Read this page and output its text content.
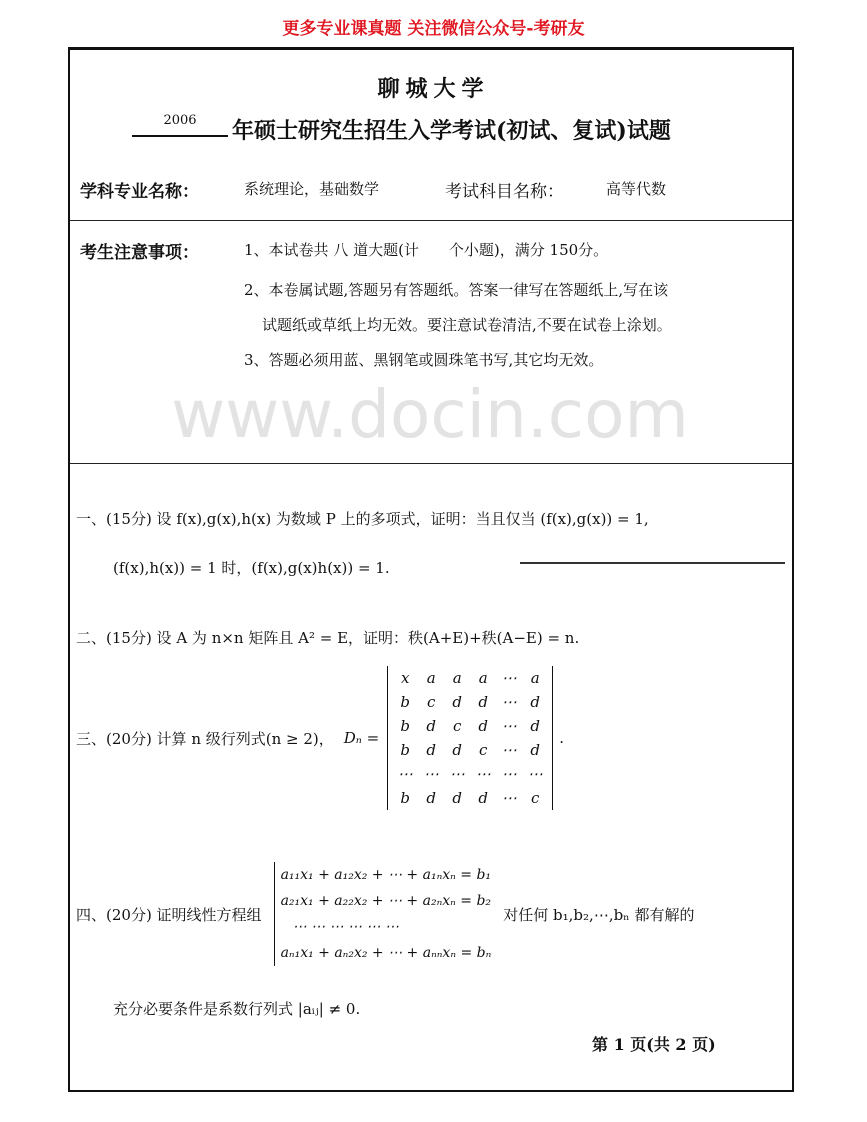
更多专业课真题 关注微信公众号-考研友
www.docin.com
聊城大学
2006	年硕士研究生招生入学考试(初试、复试)试题
学科专业名称：	系统理论，基础数学	考试科目名称：	高等代数
考生注意事项：	1、本试卷共 八 道大题(计　　个小题)，满分 150分。
2、本卷属试题,答题另有答题纸。答案一律写在答题纸上,写在该
试题纸或草纸上均无效。要注意试卷清洁,不要在试卷上涂划。
3、答题必须用蓝、黑钢笔或圆珠笔书写,其它均无效。
一、(15分) 设 f(x),g(x),h(x) 为数域 P 上的多项式，证明：当且仅当 (f(x),g(x)) = 1,
(f(x),h(x)) = 1 时，(f(x),g(x)h(x)) = 1.
二、(15分) 设 A 为 n×n 矩阵且 A² = E，证明：秩(A+E)+秩(A−E) = n.
三、(20分) 计算 n 级行列式(n ≥ 2)， Dₙ =
x	a	a	a	⋯	a
b	c	d	d	⋯	d
b	d	c	d	⋯	d
b	d	d	c	⋯	d
⋯	⋯	⋯	⋯	⋯	⋯
b	d	d	d	⋯	c
.
四、(20分) 证明线性方程组
a₁₁x₁ + a₁₂x₂ + ⋯ + a₁ₙxₙ = b₁
a₂₁x₁ + a₂₂x₂ + ⋯ + a₂ₙxₙ = b₂
⋯ ⋯ ⋯ ⋯ ⋯ ⋯
aₙ₁x₁ + aₙ₂x₂ + ⋯ + aₙₙxₙ = bₙ
对任何 b₁,b₂,⋯,bₙ 都有解的
充分必要条件是系数行列式 |aᵢⱼ| ≠ 0.
第 1 页(共 2 页)
